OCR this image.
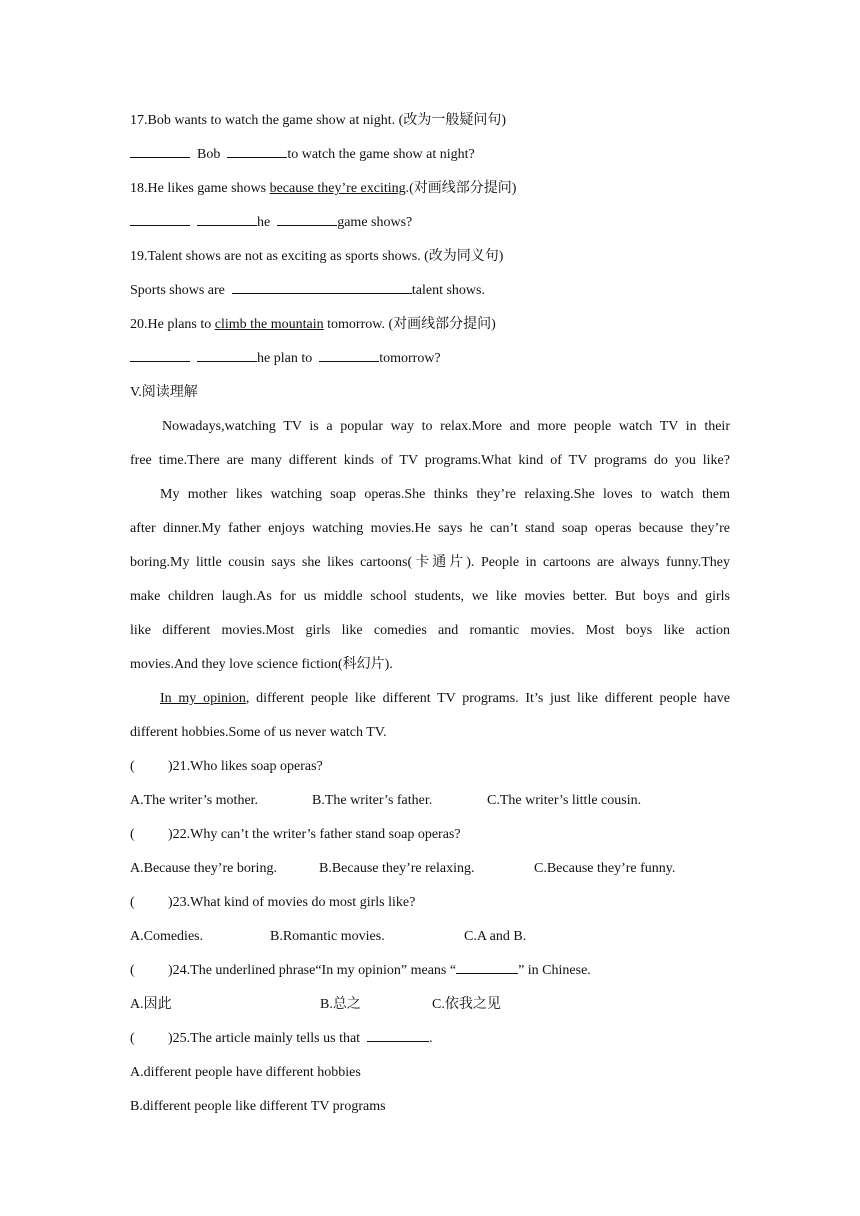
17.Bob wants to watch the game show at night. (改为一般疑问句)
Bob	to watch the game show at night?
18.He likes game shows because they’re exciting.(对画线部分提问)
he	game shows?
19.Talent shows are not as exciting as sports shows. (改为同义句)
Sports shows are	talent shows.
20.He plans to climb the mountain tomorrow. (对画线部分提问)
he plan to	tomorrow?
V.阅读理解
Nowadays,watching TV is a popular way to relax.More and more people watch TV in their
free time.There are many different kinds of TV programs.What kind of TV programs do you like?
My mother likes watching soap operas.She thinks they’re relaxing.She loves to watch them
after dinner.My father enjoys watching movies.He says he can’t stand soap operas because they’re
boring.My little cousin says she likes cartoons(卡通片). People in cartoons are always funny.They
make children laugh.As for us middle school students, we like movies better. But boys and girls
like different movies.Most girls like comedies and romantic movies. Most boys like action
movies.And they love science fiction(科幻片).
In my opinion, different people like different TV programs. It’s just like different people have
different hobbies.Some of us never watch TV.
( )21.Who likes soap operas?
A.The writer’s mother.	B.The writer’s father.	C.The writer’s little cousin.
( )22.Why can’t the writer’s father stand soap operas?
A.Because they’re boring.	B.Because they’re relaxing.	C.Because they’re funny.
( )23.What kind of movies do most girls like?
A.Comedies.	B.Romantic movies.	C.A and B.
( )24.The underlined phrase“In my opinion” means “	” in Chinese.
A.因此	B.总之	C.依我之见
( )25.The article mainly tells us that	.
A.different people have different hobbies
B.different people like different TV programs
